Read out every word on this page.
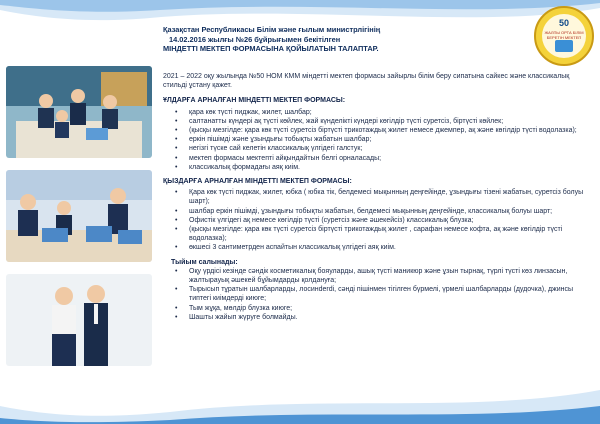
50
ЖАЛПЫ ОРТА БІЛІМ БЕРЕТІН МЕКТЕП

Қазақстан Республикасы Білім және ғылым министрлігінің

14.02.2016 жылғы №26 бұйрығымен бекітілген

МІНДЕТТІ МЕКТЕП ФОРМАСЫНА ҚОЙЫЛАТЫН ТАЛАПТАР.

2021 – 2022 оқу жылында №50 НОМ КММ міндетті мектеп формасы зайырлы білім беру сипатына сайкес және классикалық стильді ұстану қажет.

ҰЛДАРҒА АРНАЛҒАН МІНДЕТТІ МЕКТЕП ФОРМАСЫ:

• қара көк түсті пиджак, жилет, шалбар;
• салтанатты күндері ақ түсті көйлек, жай күнделікті күндері көгілдір түсті суретсіз, біртүсті көйлек;
• (қысқы мезгілде: қара көк түсті суретсіз біртүсті трикотаждық жилет немесе джемпер, ақ және көгілдір түсті водолазка);
• еркін пішімді және ұзындығы тобықты жабатын шалбар;
• негізгі түске сай келетін классикалық үлгідегі галстук;
• мектеп формасы мектепті айқындайтын белгі орналасады;
• классикалық формадағы аяқ киім.

ҚЫЗДАРҒА АРНАЛҒАН МІНДЕТТІ МЕКТЕП ФОРМАСЫ:

• Қара көк түсті пиджак, жилет, юбка ( юбка тік, белдемесі мықынның деңгейінде, ұзындығы тізені жабатын, суретсіз болуы шарт);
• шалбар еркін пішімді, ұзындығы тобықты жабатын, белдемесі мықынның деңгейінде, классикалық болуы шарт;
• Офистік үлгідегі ақ немесе көгілдір түсті (суретсіз және әшекейсіз) классикалық блузка;
• (қысқы мезгілде: қара көк түсті суретсіз біртүсті трикотаждық жилет , сарафан немесе кофта, ақ және көгілдір түсті водолазка);
• өкшесі 3 сантиметрден аспайтын классикалық үлгідегі аяқ киім.

Тыйым салынады:

• Оқу үрдісі кезінде сәндік косметикалық бояуларды, ашық түсті маникюр және ұзын тырнақ, түрлі түсті көз линзасын, жалтырауық әшекей бұйымдарды қолдануға;
• Тырысып тұратын шалбарларды, лосинderdі, сәнді пішінмен тігілген бүрмелі, үрмелі шалбарларды (дудочка), джинсы типтегі киімдерді киюге;
• Тым жұқа, мөлдір блузка киюге;
• Шашты жайып жүруге болмайды.
